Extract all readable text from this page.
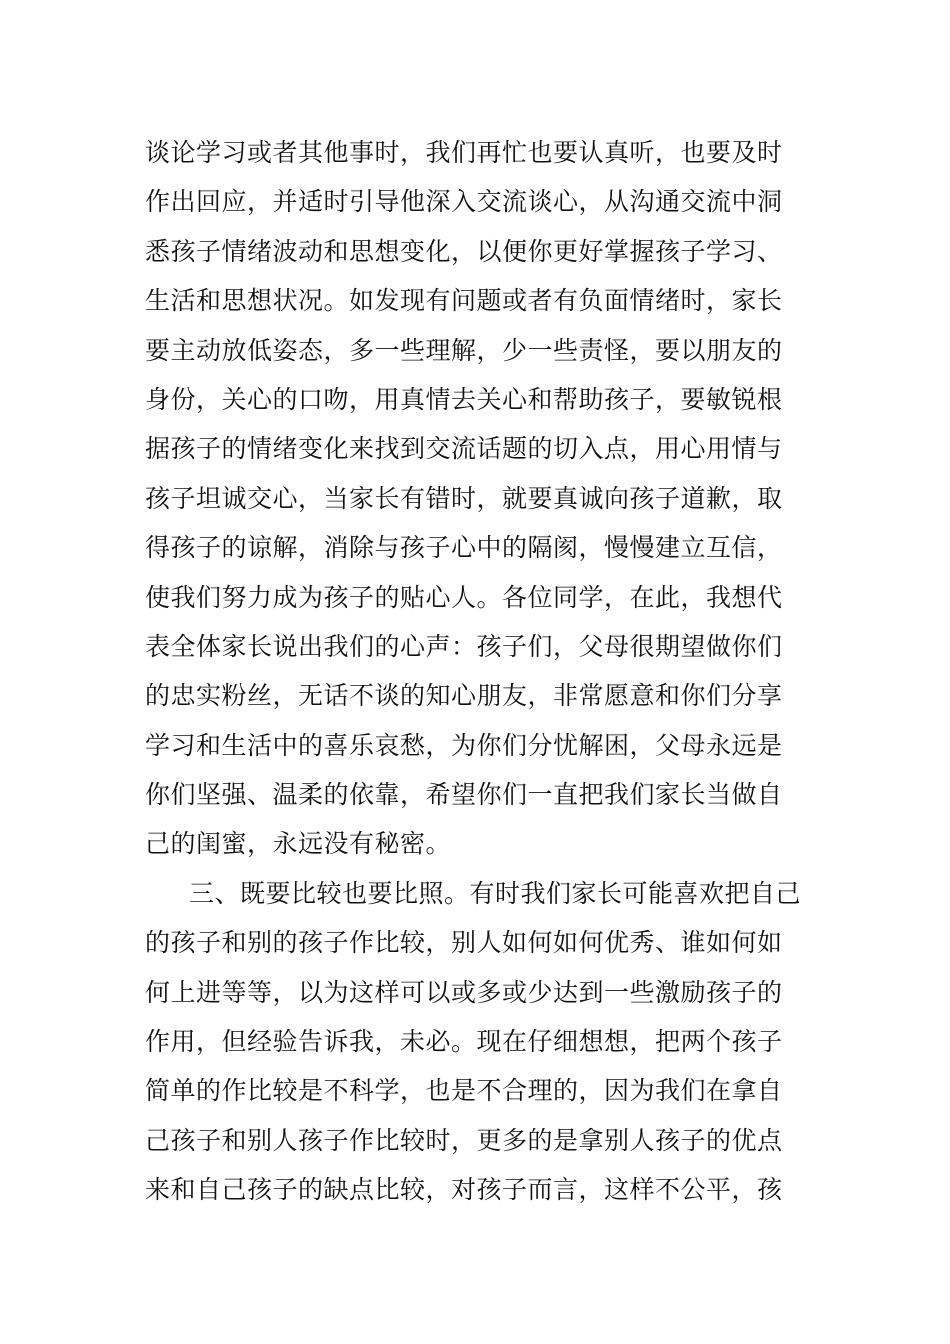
谈论学习或者其他事时，我们再忙也要认真听，也要及时
作出回应，并适时引导他深入交流谈心，从沟通交流中洞
悉孩子情绪波动和思想变化，以便你更好掌握孩子学习、
生活和思想状况。如发现有问题或者有负面情绪时，家长
要主动放低姿态，多一些理解，少一些责怪，要以朋友的
身份，关心的口吻，用真情去关心和帮助孩子，要敏锐根
据孩子的情绪变化来找到交流话题的切入点，用心用情与
孩子坦诚交心，当家长有错时，就要真诚向孩子道歉，取
得孩子的谅解，消除与孩子心中的隔阂，慢慢建立互信，
使我们努力成为孩子的贴心人。各位同学，在此，我想代
表全体家长说出我们的心声：孩子们，父母很期望做你们
的忠实粉丝，无话不谈的知心朋友，非常愿意和你们分享
学习和生活中的喜乐哀愁，为你们分忧解困，父母永远是
你们坚强、温柔的依靠，希望你们一直把我们家长当做自
己的闺蜜，永远没有秘密。
三、既要比较也要比照。有时我们家长可能喜欢把自己
的孩子和别的孩子作比较，别人如何如何优秀、谁如何如
何上进等等，以为这样可以或多或少达到一些激励孩子的
作用，但经验告诉我，未必。现在仔细想想，把两个孩子
简单的作比较是不科学，也是不合理的，因为我们在拿自
己孩子和别人孩子作比较时，更多的是拿别人孩子的优点
来和自己孩子的缺点比较，对孩子而言，这样不公平，孩
